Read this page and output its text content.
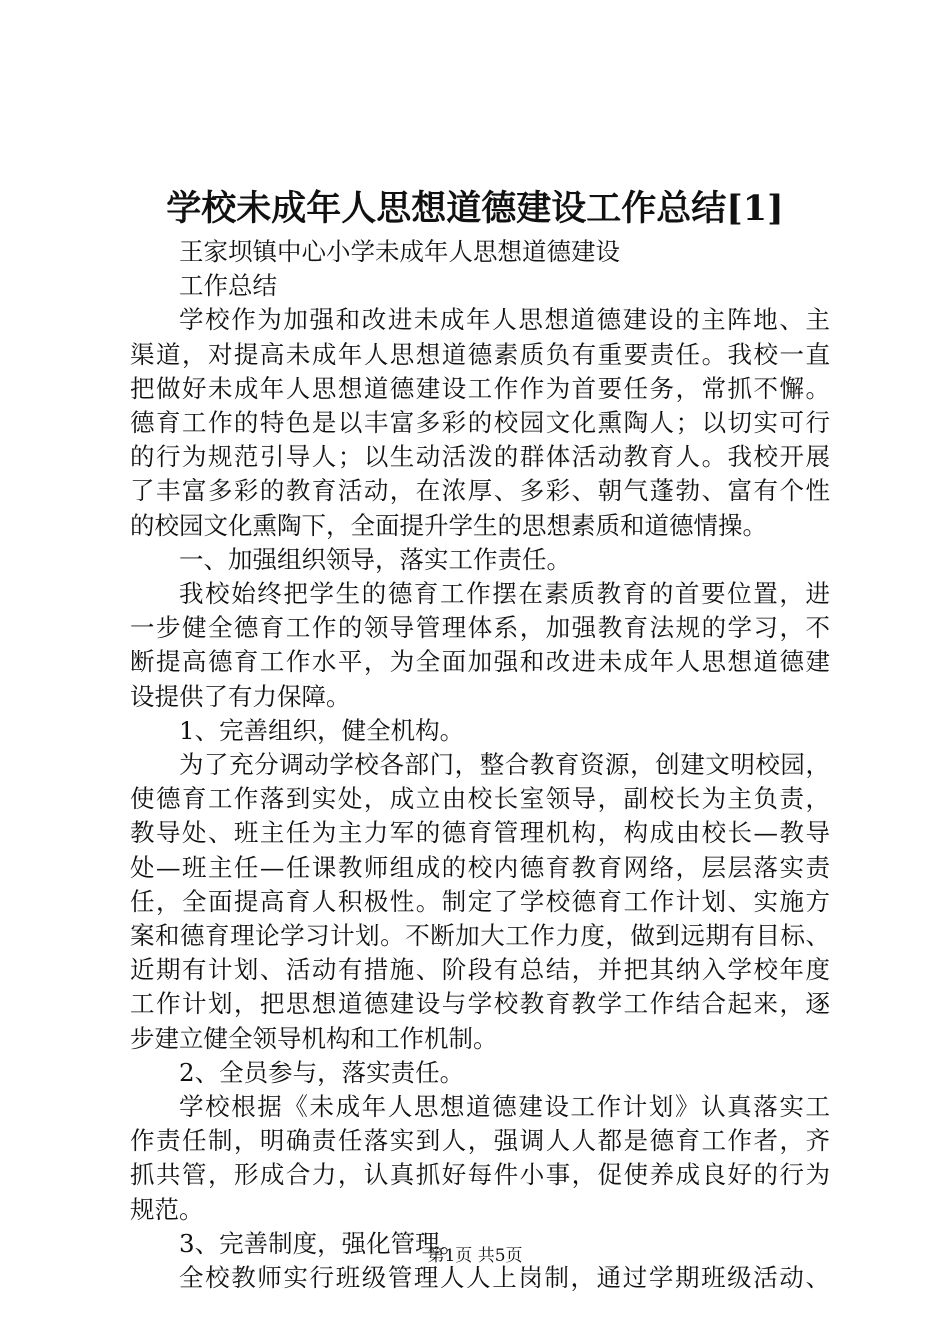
学校未成年人思想道德建设工作总结[1]
王家坝镇中心小学未成年人思想道德建设
工作总结
学校作为加强和改进未成年人思想道德建设的主阵地、主
渠道，对提高未成年人思想道德素质负有重要责任。我校一直
把做好未成年人思想道德建设工作作为首要任务，常抓不懈。
德育工作的特色是以丰富多彩的校园文化熏陶人；以切实可行
的行为规范引导人；以生动活泼的群体活动教育人。我校开展
了丰富多彩的教育活动，在浓厚、多彩、朝气蓬勃、富有个性
的校园文化熏陶下，全面提升学生的思想素质和道德情操。
一、加强组织领导，落实工作责任。
我校始终把学生的德育工作摆在素质教育的首要位置，进
一步健全德育工作的领导管理体系，加强教育法规的学习，不
断提高德育工作水平，为全面加强和改进未成年人思想道德建
设提供了有力保障。
1、完善组织，健全机构。
为了充分调动学校各部门，整合教育资源，创建文明校园，
使德育工作落到实处，成立由校长室领导，副校长为主负责，
教导处、班主任为主力军的德育管理机构，构成由校长—教导
处—班主任—任课教师组成的校内德育教育网络，层层落实责
任，全面提高育人积极性。制定了学校德育工作计划、实施方
案和德育理论学习计划。不断加大工作力度，做到远期有目标、
近期有计划、活动有措施、阶段有总结，并把其纳入学校年度
工作计划，把思想道德建设与学校教育教学工作结合起来，逐
步建立健全领导机构和工作机制。
2、全员参与，落实责任。
学校根据《未成年人思想道德建设工作计划》认真落实工
作责任制，明确责任落实到人，强调人人都是德育工作者，齐
抓共管，形成合力，认真抓好每件小事，促使养成良好的行为
规范。
3、完善制度，强化管理。
全校教师实行班级管理人人上岗制，通过学期班级活动、
第1页 共5页
